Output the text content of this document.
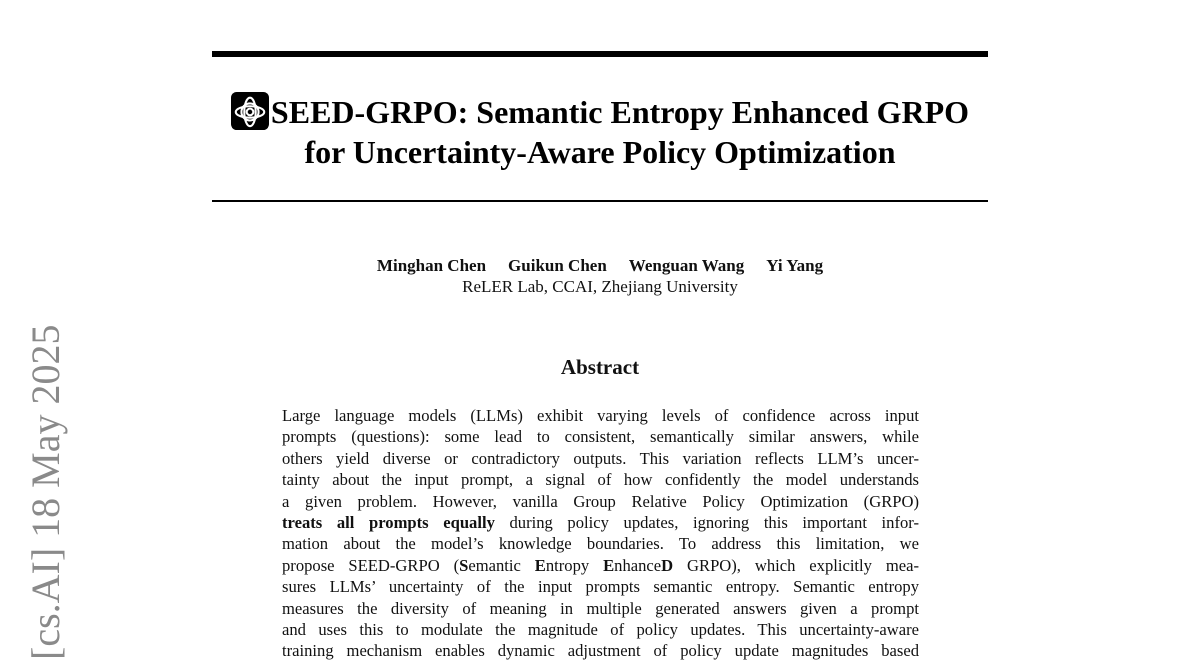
SEED-GRPO: Semantic Entropy Enhanced GRPO
for Uncertainty-Aware Policy Optimization
Minghan Chen Guikun Chen Wenguan Wang Yi Yang
ReLER Lab, CCAI, Zhejiang University
Abstract
Large language models (LLMs) exhibit varying levels of confidence across input
prompts (questions): some lead to consistent, semantically similar answers, while
others yield diverse or contradictory outputs. This variation reflects LLM’s uncer-
tainty about the input prompt, a signal of how confidently the model understands
a given problem. However, vanilla Group Relative Policy Optimization (GRPO)
treats all prompts equally during policy updates, ignoring this important infor-
mation about the model’s knowledge boundaries. To address this limitation, we
propose SEED-GRPO (Semantic Entropy EnhanceD GRPO), which explicitly mea-
sures LLMs’ uncertainty of the input prompts semantic entropy. Semantic entropy
measures the diversity of meaning in multiple generated answers given a prompt
and uses this to modulate the magnitude of policy updates. This uncertainty-aware
training mechanism enables dynamic adjustment of policy update magnitudes based
[cs.AI] 18 May 2025
